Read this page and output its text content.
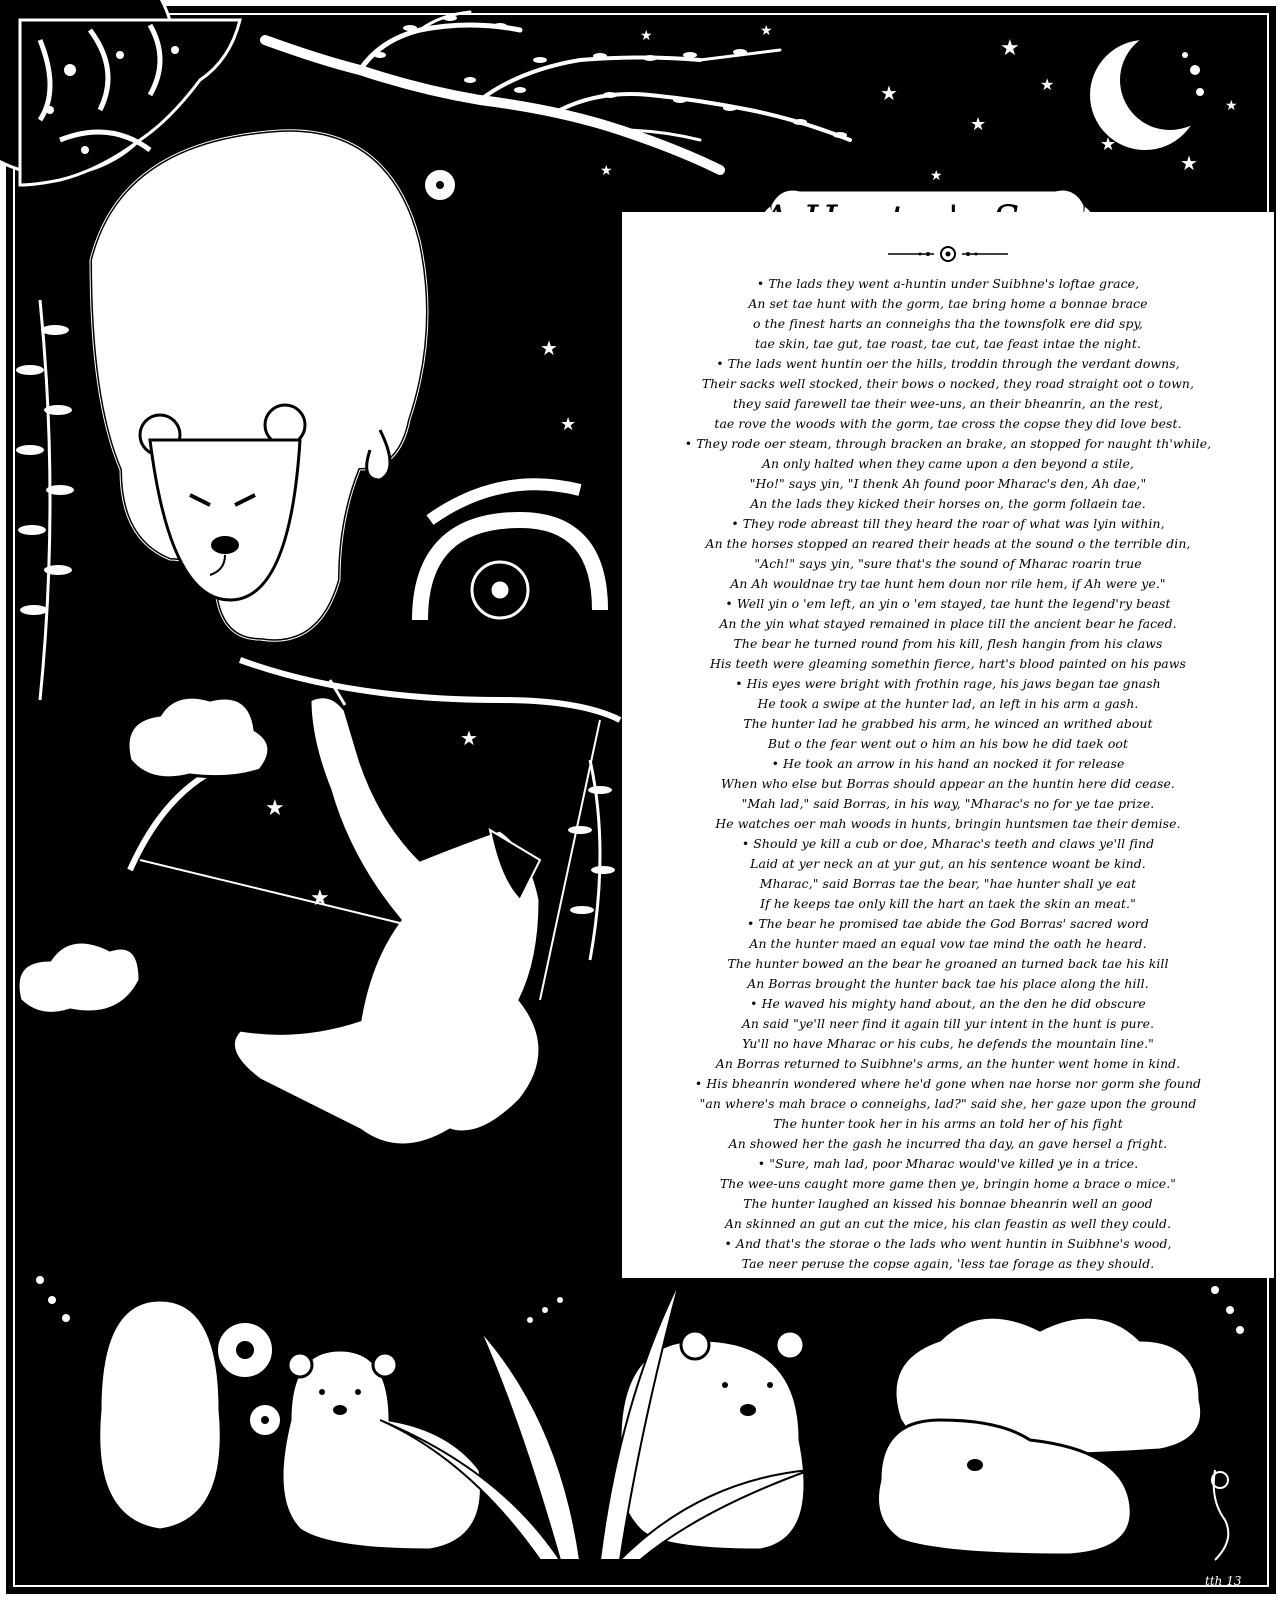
★
★
★
★
★
★
★
★
★	★
★
★
★
★
★
★
tth 13
• The lads they went a-huntin under Suibhne's loftae grace,
An set tae hunt with the gorm, tae bring home a bonnae brace
o the finest harts an conneighs tha the townsfolk ere did spy,
tae skin, tae gut, tae roast, tae cut, tae feast intae the night.
• The lads went huntin oer the hills, troddin through the verdant downs,
Their sacks well stocked, their bows o nocked, they road straight oot o town,
they said farewell tae their wee-uns, an their bheanrin, an the rest,
tae rove the woods with the gorm, tae cross the copse they did love best.
• They rode oer steam, through bracken an brake, an stopped for naught th'while,
An only halted when they came upon a den beyond a stile,
"Ho!" says yin, "I thenk Ah found poor Mharac's den, Ah dae,"
An the lads they kicked their horses on, the gorm follaein tae.
• They rode abreast till they heard the roar of what was lyin within,
An the horses stopped an reared their heads at the sound o the terrible din,
"Ach!" says yin, "sure that's the sound of Mharac roarin true
An Ah wouldnae try tae hunt hem doun nor rile hem, if Ah were ye."
• Well yin o 'em left, an yin o 'em stayed, tae hunt the legend'ry beast
An the yin what stayed remained in place till the ancient bear he faced.
The bear he turned round from his kill, flesh hangin from his claws
His teeth were gleaming somethin fierce, hart's blood painted on his paws
• His eyes were bright with frothin rage, his jaws began tae gnash
He took a swipe at the hunter lad, an left in his arm a gash.
The hunter lad he grabbed his arm, he winced an writhed about
But o the fear went out o him an his bow he did taek oot
• He took an arrow in his hand an nocked it for release
When who else but Borras should appear an the huntin here did cease.
"Mah lad," said Borras, in his way, "Mharac's no for ye tae prize.
He watches oer mah woods in hunts, bringin huntsmen tae their demise.
• Should ye kill a cub or doe, Mharac's teeth and claws ye'll find
Laid at yer neck an at yur gut, an his sentence woant be kind.
Mharac," said Borras tae the bear, "hae hunter shall ye eat
If he keeps tae only kill the hart an taek the skin an meat."
• The bear he promised tae abide the God Borras' sacred word
An the hunter maed an equal vow tae mind the oath he heard.
The hunter bowed an the bear he groaned an turned back tae his kill
An Borras brought the hunter back tae his place along the hill.
• He waved his mighty hand about, an the den he did obscure
An said "ye'll neer find it again till yur intent in the hunt is pure.
Yu'll no have Mharac or his cubs, he defends the mountain line."
An Borras returned to Suibhne's arms, an the hunter went home in kind.
• His bheanrin wondered where he'd gone when nae horse nor gorm she found
"an where's mah brace o conneighs, lad?" said she, her gaze upon the ground
The hunter took her in his arms an told her of his fight
An showed her the gash he incurred tha day, an gave hersel a fright.
• "Sure, mah lad, poor Mharac would've killed ye in a trice.
The wee-uns caught more game then ye, bringin home a brace o mice."
The hunter laughed an kissed his bonnae bheanrin well an good
An skinned an gut an cut the mice, his clan feastin as well they could.
• And that's the storae o the lads who went huntin in Suibhne's wood,
Tae neer peruse the copse again, 'less tae forage as they should.
